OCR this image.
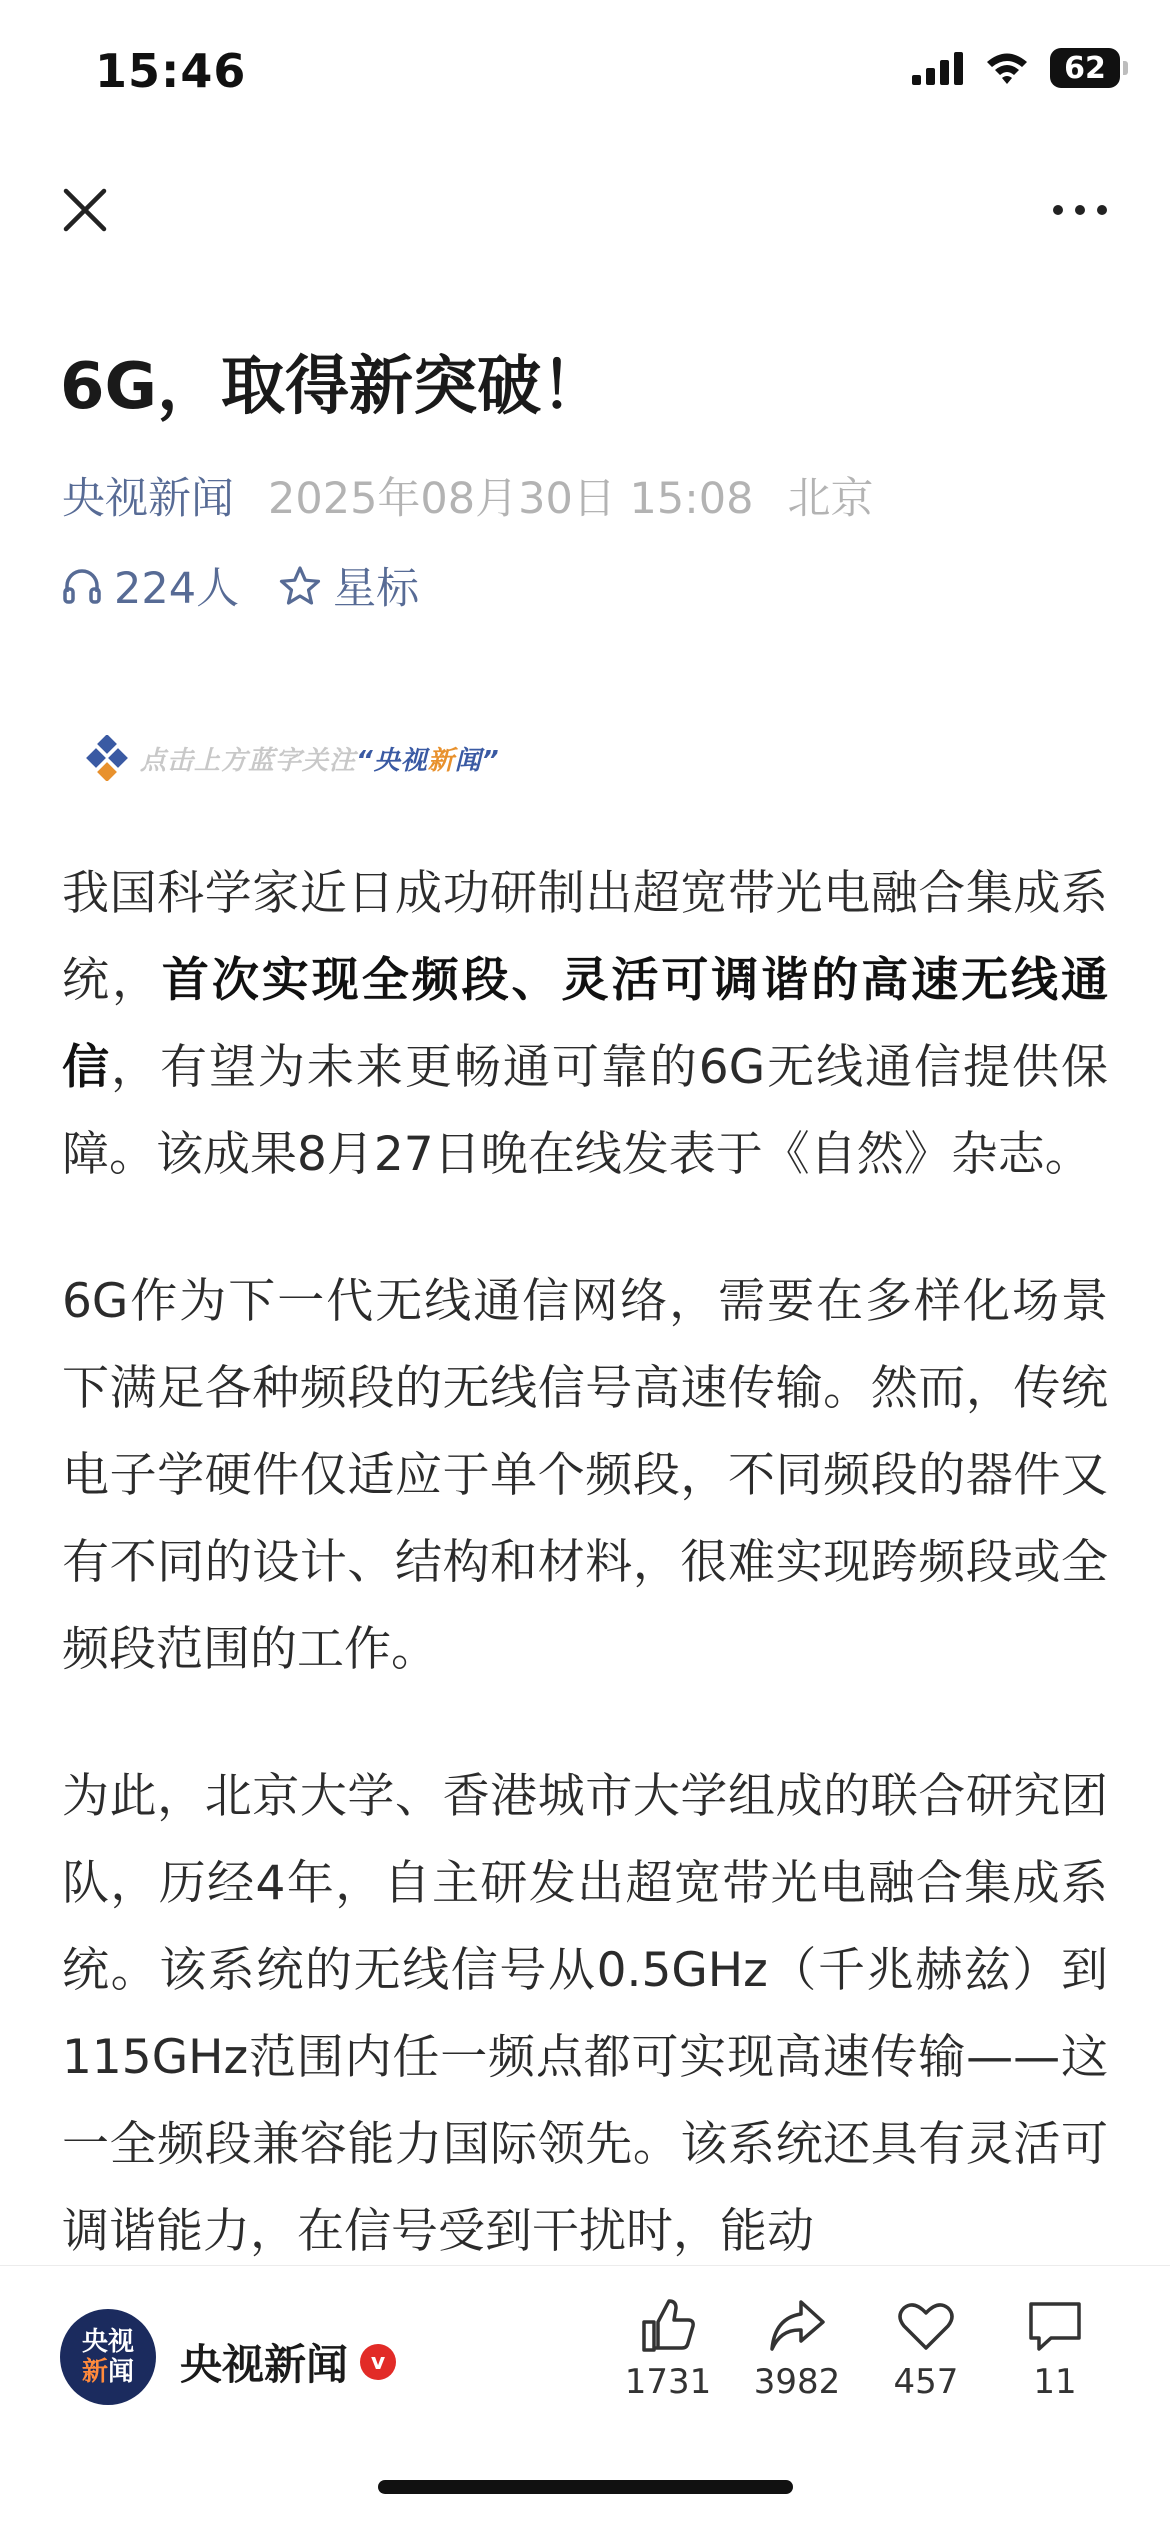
15:46	62
6G，取得新突破！
央视新闻 2025年08月30日 15:08 北京
224人 星标
点击上方蓝字关注“央视新闻”

我国科学家近日成功研制出超宽带光电融合集成系统，首次实现全频段、灵活可调谐的高速无线通信，有望为未来更畅通可靠的6G无线通信提供保障。该成果8月27日晚在线发表于《自然》杂志。

6G作为下一代无线通信网络，需要在多样化场景下满足各种频段的无线信号高速传输。然而，传统电子学硬件仅适应于单个频段，不同频段的器件又有不同的设计、结构和材料，很难实现跨频段或全频段范围的工作。

为此，北京大学、香港城市大学组成的联合研究团队，历经4年，自主研发出超宽带光电融合集成系统。该系统的无线信号从0.5GHz（千兆赫兹）到115GHz范围内任一频点都可实现高速传输——这一全频段兼容能力国际领先。该系统还具有灵活可调谐能力，在信号受到干扰时，能动

央视
新闻 央视新闻	v	1731 3982 457 11
